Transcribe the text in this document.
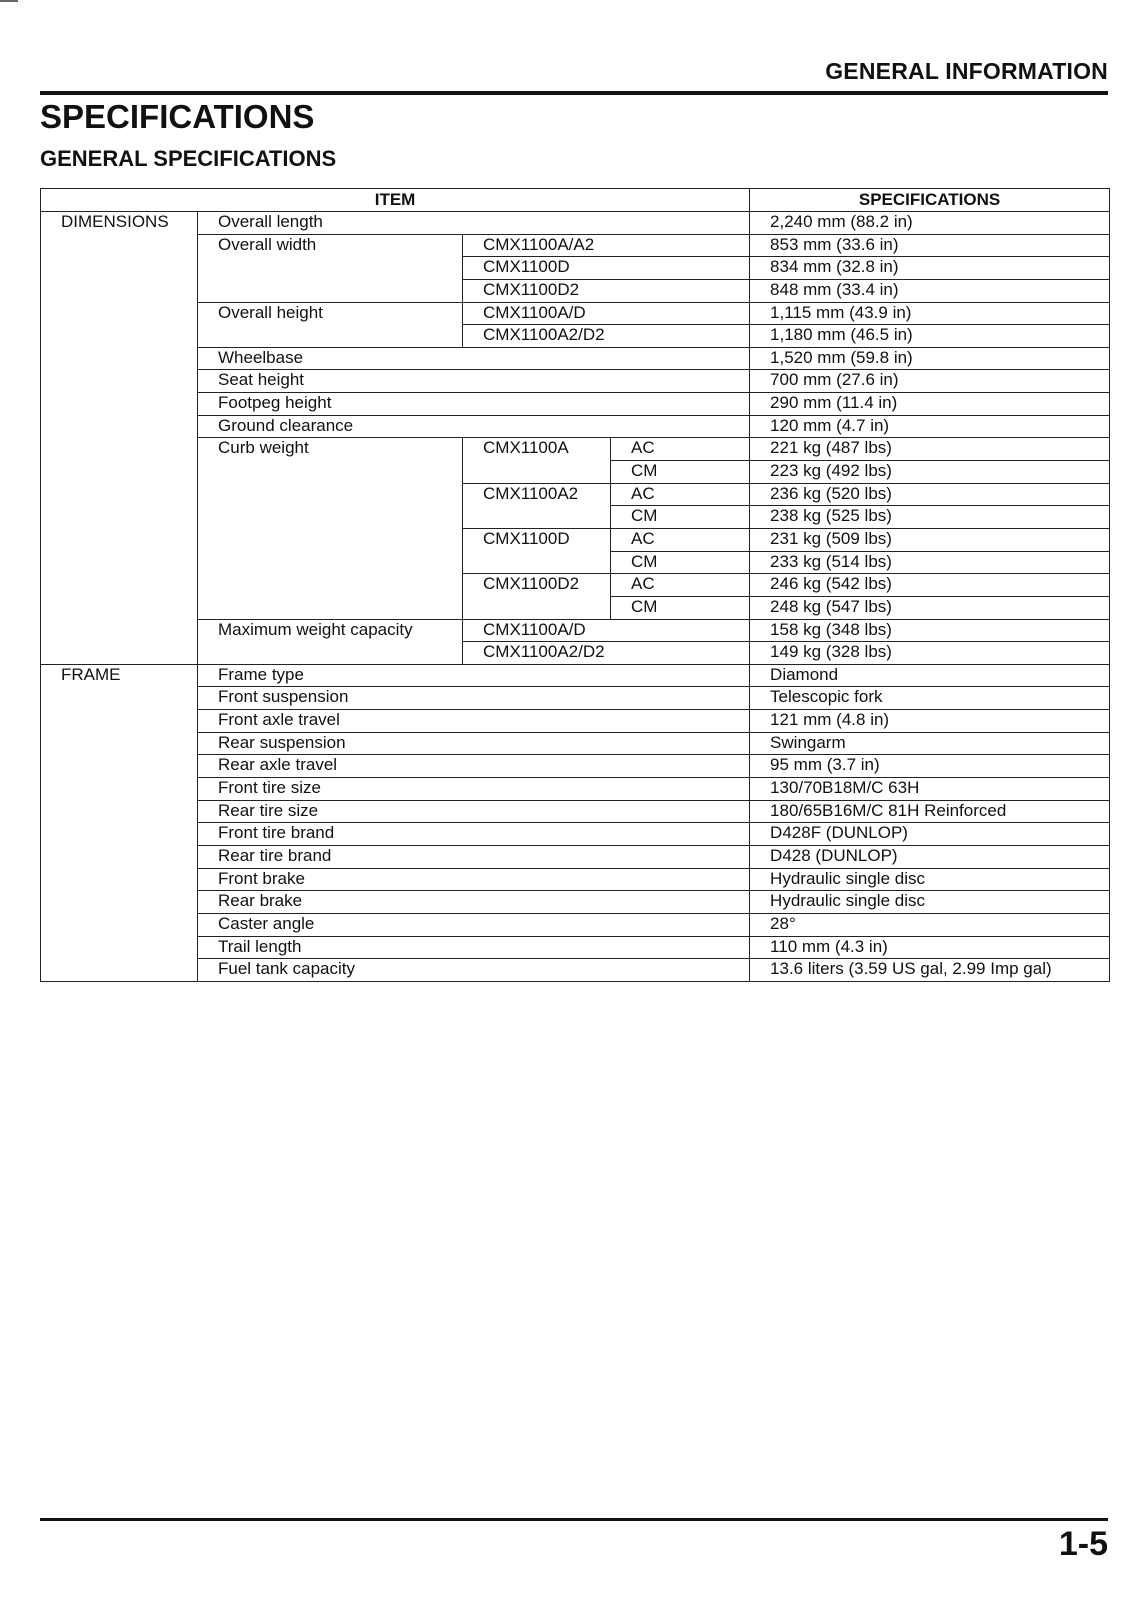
GENERAL INFORMATION
SPECIFICATIONS
GENERAL SPECIFICATIONS
ITEM				SPECIFICATIONS
DIMENSIONS	Overall length			2,240 mm (88.2 in)
	Overall width	CMX1100A/A2		853 mm (33.6 in)
		CMX1100D		834 mm (32.8 in)
		CMX1100D2		848 mm (33.4 in)
	Overall height	CMX1100A/D		1,115 mm (43.9 in)
		CMX1100A2/D2		1,180 mm (46.5 in)
	Wheelbase			1,520 mm (59.8 in)
	Seat height			700 mm (27.6 in)
	Footpeg height			290 mm (11.4 in)
	Ground clearance			120 mm (4.7 in)
	Curb weight	CMX1100A	AC	221 kg (487 lbs)
			CM	223 kg (492 lbs)
		CMX1100A2	AC	236 kg (520 lbs)
			CM	238 kg (525 lbs)
		CMX1100D	AC	231 kg (509 lbs)
			CM	233 kg (514 lbs)
		CMX1100D2	AC	246 kg (542 lbs)
			CM	248 kg (547 lbs)
	Maximum weight capacity	CMX1100A/D		158 kg (348 lbs)
		CMX1100A2/D2		149 kg (328 lbs)
FRAME	Frame type			Diamond
	Front suspension			Telescopic fork
	Front axle travel			121 mm (4.8 in)
	Rear suspension			Swingarm
	Rear axle travel			95 mm (3.7 in)
	Front tire size			130/70B18M/C 63H
	Rear tire size			180/65B16M/C 81H Reinforced
	Front tire brand			D428F (DUNLOP)
	Rear tire brand			D428 (DUNLOP)
	Front brake			Hydraulic single disc
	Rear brake			Hydraulic single disc
	Caster angle			28°
	Trail length			110 mm (4.3 in)
	Fuel tank capacity			13.6 liters (3.59 US gal, 2.99 Imp gal)
1-5
